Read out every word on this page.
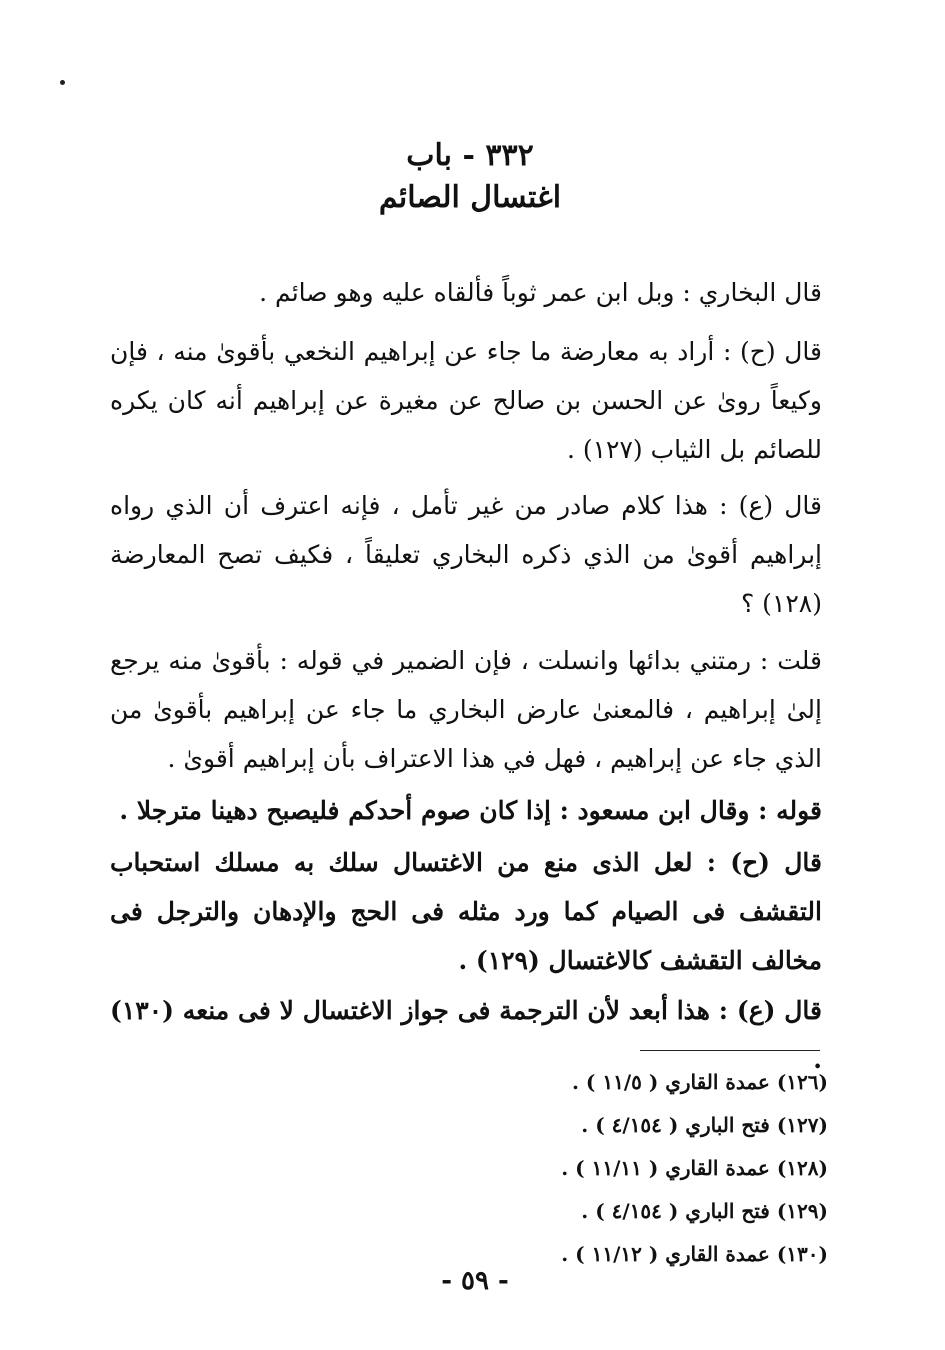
٣٣٢ - باب
اغتسال الصائم
قال البخاري : وبل ابن عمر ثوباً فألقاه عليه وهو صائم .
قال (ح) : أراد به معارضة ما جاء عن إبراهيم النخعي بأقوىٰ منه ، فإن وكيعاً روىٰ عن الحسن بن صالح عن مغيرة عن إبراهيم أنه كان يكره للصائم بل الثياب (١٢٧) .
قال (ع) : هذا كلام صادر من غير تأمل ، فإنه اعترف أن الذي رواه إبراهيم أقوىٰ من الذي ذكره البخاري تعليقاً ، فكيف تصح المعارضة (١٢٨) ؟
قلت : رمتني بدائها وانسلت ، فإن الضمير في قوله : بأقوىٰ منه يرجع إلىٰ إبراهيم ، فالمعنىٰ عارض البخاري ما جاء عن إبراهيم بأقوىٰ من الذي جاء عن إبراهيم ، فهل في هذا الاعتراف بأن إبراهيم أقوىٰ .
قوله : وقال ابن مسعود : إذا كان صوم أحدكم فليصبح دهينا مترجلا .
قال (ح) : لعل الذى منع من الاغتسال سلك به مسلك استحباب التقشف فى الصيام كما ورد مثله فى الحج والإدهان والترجل فى مخالف التقشف كالاغتسال (١٢٩) .
قال (ع) : هذا أبعد لأن الترجمة فى جواز الاغتسال لا فى منعه (١٣٠) .
(١٢٦) عمدة القاري ( ١١/٥ ) .
(١٢٧) فتح الباري ( ٤/١٥٤ ) .
(١٢٨) عمدة القاري ( ١١/١١ ) .
(١٢٩) فتح الباري ( ٤/١٥٤ ) .
(١٣٠) عمدة القاري ( ١١/١٢ ) .
- ٥٩ -
